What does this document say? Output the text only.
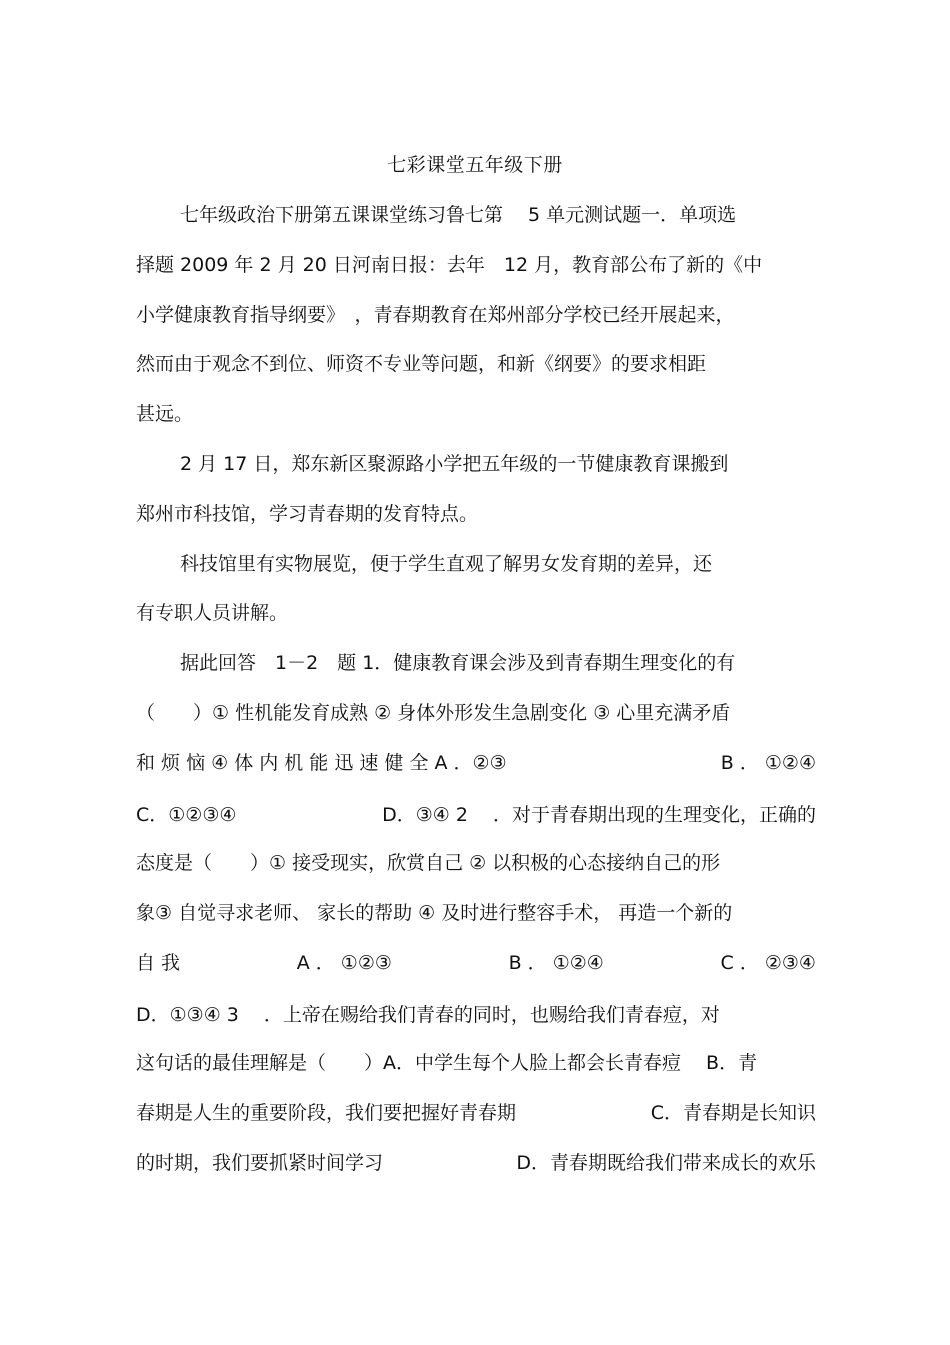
七彩课堂五年级下册
七年级政治下册第五课课堂练习鲁七第　 5 单元测试题一．单项选
择题 2009 年 2 月 20 日河南日报：去年　12 月，教育部公布了新的《中
小学健康教育指导纲要》　，青春期教育在郑州部分学校已经开展起来，
然而由于观念不到位、师资不专业等问题，和新《纲要》的要求相距
甚远。
2 月 17 日，郑东新区聚源路小学把五年级的一节健康教育课搬到
郑州市科技馆，学习青春期的发育特点。
科技馆里有实物展览，便于学生直观了解男女发育期的差异，还
有专职人员讲解。
据此回答　1－2　题 1．健康教育课会涉及到青春期生理变化的有
（　　）① 性机能发育成熟 ② 身体外形发生急剧变化 ③ 心里充满矛盾
和 烦 恼 ④ 体 内 机 能 迅 速 健 全 A ．②③	B ． ①②④
C．①②③④	D．③④ 2 　．对于青春期出现的生理变化，正确的
态度是（　　）① 接受现实，欣赏自己 ② 以积极的心态接纳自己的形
象③ 自觉寻求老师、 家长的帮助 ④ 及时进行整容手术， 再造一个新的
自 我	A ． ①②③	B ． ①②④	C ． ②③④
D．①③④ 3 　．上帝在赐给我们青春的同时，也赐给我们青春痘，对
这句话的最佳理解是（　　）A．中学生每个人脸上都会长青春痘　 B．青
春期是人生的重要阶段，我们要把握好青春期	C．青春期是长知识
的时期，我们要抓紧时间学习	D．青春期既给我们带来成长的欢乐
